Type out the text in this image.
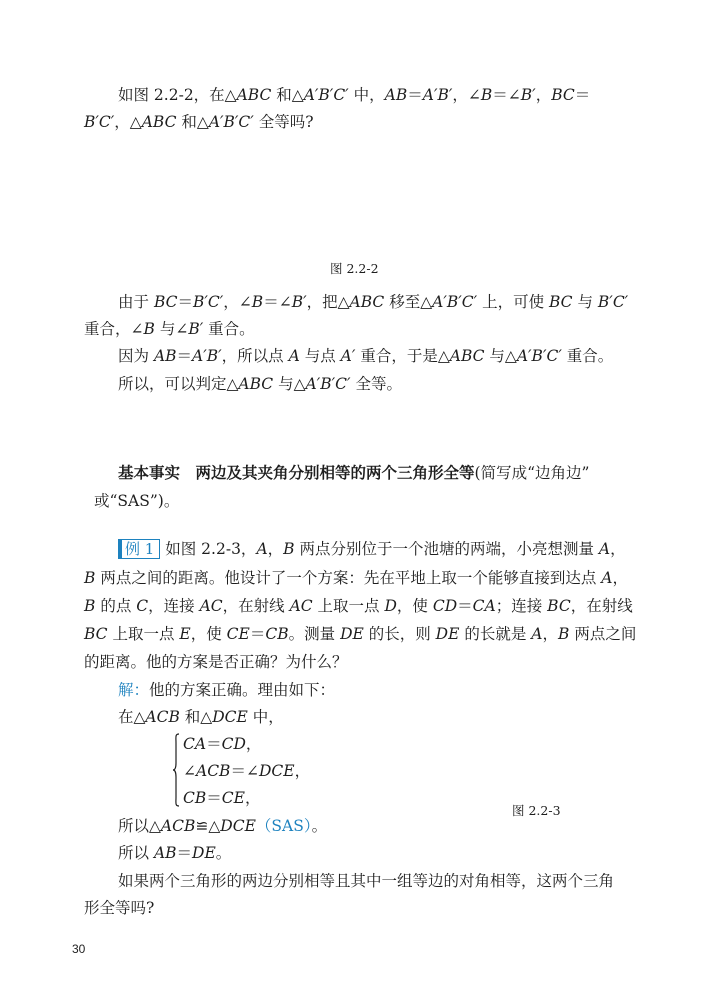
如图 2.2-2，在△ABC 和△A′B′C′ 中，AB＝A′B′，∠B＝∠B′，BC＝
B′C′，△ABC 和△A′B′C′ 全等吗?
图 2.2-2
由于 BC＝B′C′，∠B＝∠B′，把△ABC 移至△A′B′C′ 上，可使 BC 与 B′C′
重合，∠B 与∠B′ 重合。
因为 AB＝A′B′，所以点 A 与点 A′ 重合，于是△ABC 与△A′B′C′ 重合。
所以，可以判定△ABC 与△A′B′C′ 全等。
基本事实　两边及其夹角分别相等的两个三角形全等(简写成“边角边”
或“SAS”)。
例 1 如图 2.2-3，A，B 两点分别位于一个池塘的两端，小亮想测量 A，
B 两点之间的距离。他设计了一个方案：先在平地上取一个能够直接到达点 A，
B 的点 C，连接 AC，在射线 AC 上取一点 D，使 CD＝CA；连接 BC，在射线
BC 上取一点 E，使 CE＝CB。测量 DE 的长，则 DE 的长就是 A，B 两点之间
的距离。他的方案是否正确？为什么？
解：他的方案正确。理由如下：
在△ACB 和△DCE 中，
CA＝CD，
∠ACB＝∠DCE，
CB＝CE，
图 2.2-3
所以△ACB≌△DCE（SAS）。
所以 AB＝DE。
如果两个三角形的两边分别相等且其中一组等边的对角相等，这两个三角
形全等吗?
30
